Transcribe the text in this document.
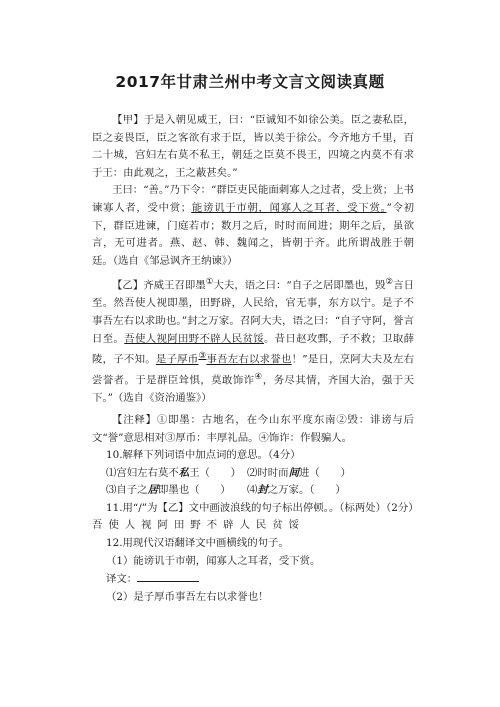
2017年甘肃兰州中考文言文阅读真题

【甲】于是入朝见威王，曰：“臣诚知不如徐公美。臣之妻私臣，臣之妾畏臣，臣之客欲有求于臣，皆以美于徐公。今齐地方千里，百二十城，宫妇左右莫不私王，朝廷之臣莫不畏王，四境之内莫不有求于王：由此观之，王之蔽甚矣。”

王曰：“善。”乃下令：“群臣吏民能面刺寡人之过者，受上赏；上书谏寡人者，受中赏；能谤讥于市朝，闻寡人之耳者，受下赏。”令初下，群臣进谏，门庭若市；数月之后，时时而间进；期年之后，虽欲言，无可进者。燕、赵、韩、魏闻之，皆朝于齐。此所谓战胜于朝廷。（选自《邹忌讽齐王纳谏》）

【乙】齐威王召即墨①大夫，语之曰：“自子之居即墨也，毁②言日至。然吾使人视即墨，田野辟，人民给，官无事，东方以宁。是子不事吾左右以求助也。”封之万家。召阿大夫，语之曰：“自子守阿，誉言日至。吾使人视阿田野不辟人民贫馁。昔日赵攻鄄，子不救；卫取薛陵，子不知。是子厚币③事吾左右以求誉也！”是日，烹阿大夫及左右尝誉者。于是群臣耸惧，莫敢饰诈④，务尽其情，齐国大治，强于天下。”（选自《资治通鉴》）

【注释】①即墨：古地名，在今山东平度东南②毁：诽谤与后文“誉”意思相对③厚币：丰厚礼品。④饰诈：作假骗人。

10.解释下列词语中加点词的意思。（4分）

⑴宫妇左右莫不私王（　　） ⑵时时而间进（　　）

⑶自子之居即墨也（　　）	⑷封之万家。（　　）

11.用“/”为【乙】文中画波浪线的句子标出停顿。。（标两处）（2分）

吾使人视阿田野不辟人民贫馁

12.用现代汉语翻译文中画横线的句子。

（1）能谤讥于市朝，闻寡人之耳者，受下赏。

译文：

（2）是子厚币事吾左右以求誉也！
